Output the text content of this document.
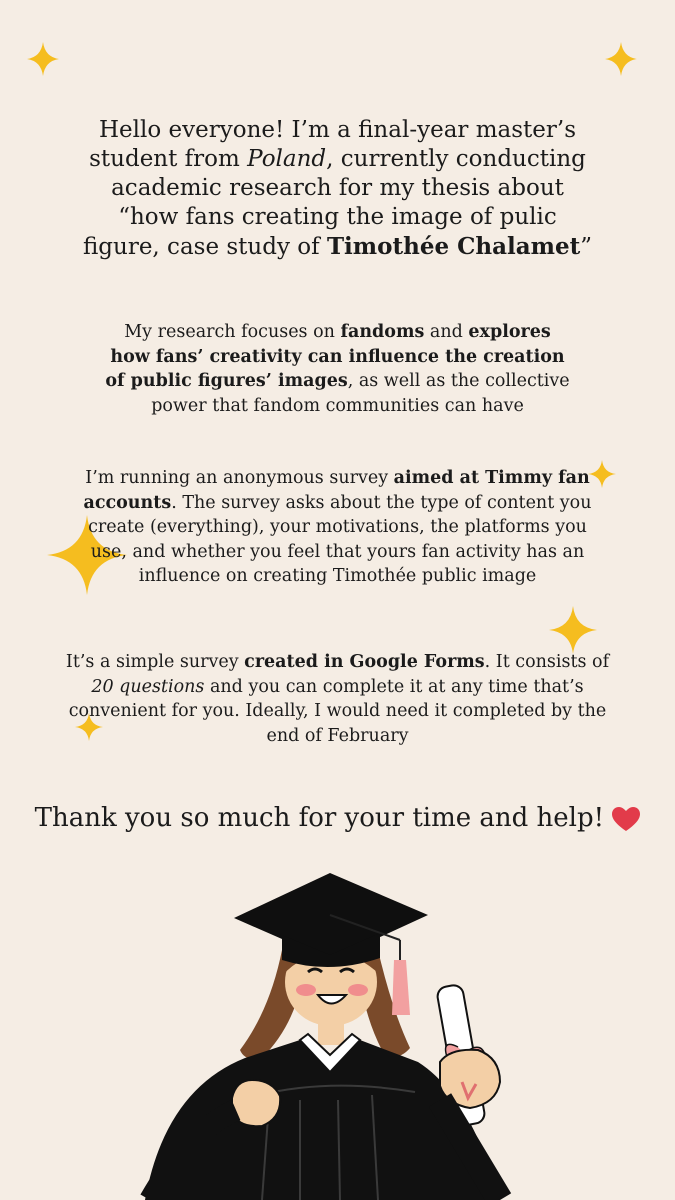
Hello everyone! I’m a final-year master’s student from Poland, currently conducting academic research for my thesis about “how fans creating the image of pulic figure, case study of Timothée Chalamet”
My research focuses on fandoms and explores how fans’ creativity can influence the creation of public figures’ images, as well as the collective power that fandom communities can have
I’m running an anonymous survey aimed at Timmy fan accounts. The survey asks about the type of content you create (everything), your motivations, the platforms you use, and whether you feel that yours fan activity has an influence on creating Timothée public image
It’s a simple survey created in Google Forms. It consists of 20 questions and you can complete it at any time that’s convenient for you. Ideally, I would need it completed by the end of February
Thank you so much for your time and help!
